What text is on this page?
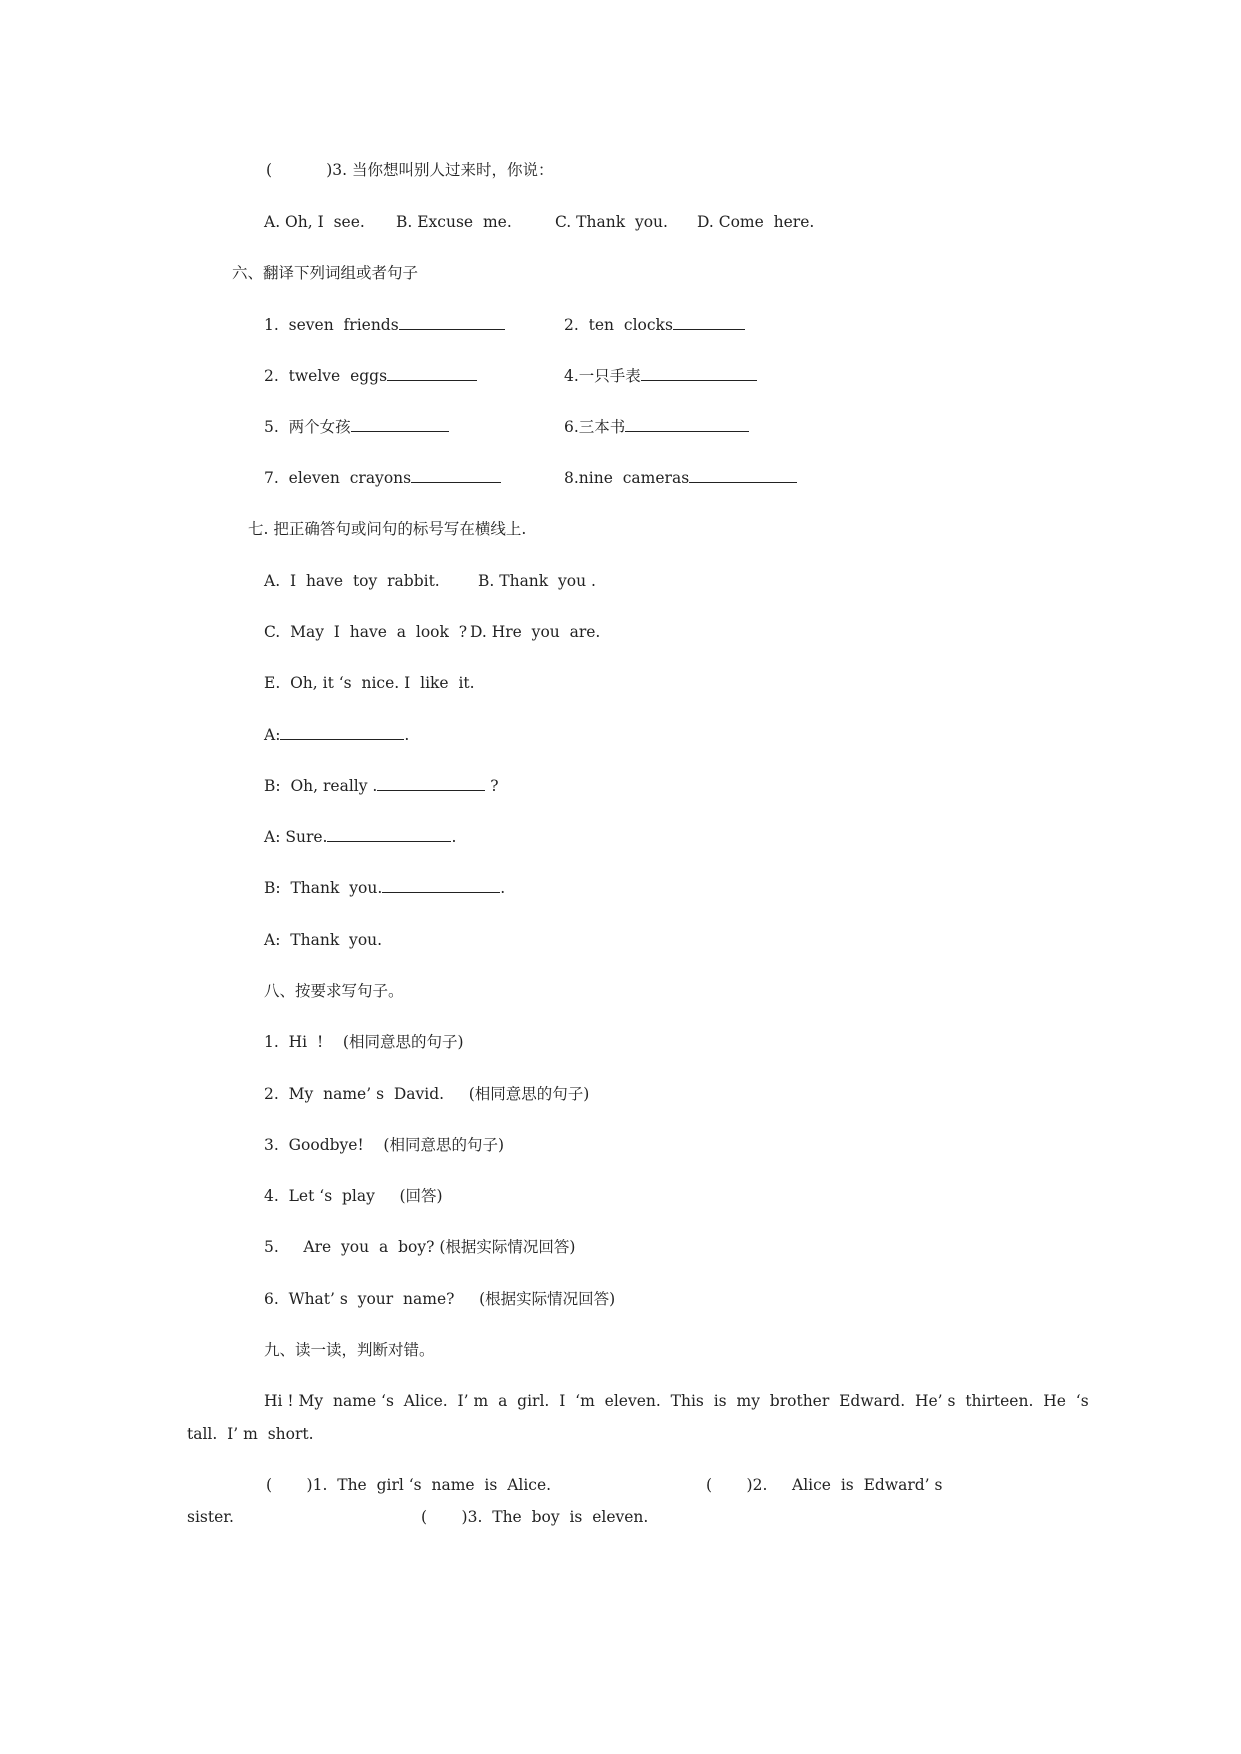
(           )3. 当你想叫别人过来时，你说：
A. Oh, I  see. B. Excuse  me.	C. Thank  you. D. Come  here.
六、翻译下列词组或者句子
1. seven  friends	2. ten  clocks
2. twelve  eggs	4.一只手表
5. 两个女孩	6.三本书
7. eleven  crayons	8.nine  cameras
七. 把正确答句或问句的标号写在横线上.
A.  I  have  toy  rabbit. B. Thank  you .
C.  May  I  have  a  look  ? D. Hre  you  are.
E.  Oh, it ‘s  nice. I  like  it.
A:	.
B:  Oh, really .	?
A: Sure.	.
B:  Thank  you.	.
A:  Thank  you.
八、按要求写句子。
1.  Hi  !    (相同意思的句子)
2.  My  name’ s  David.     (相同意思的句子)
3.  Goodbye!    (相同意思的句子)
4.  Let ‘s  play     (回答)
5.     Are  you  a  boy? (根据实际情况回答)
6.  What’ s  your  name?     (根据实际情况回答)
九、读一读，判断对错。
Hi ! My  name ‘s  Alice.  I’ m  a  girl.  I  ‘m  eleven.  This  is  my  brother  Edward.  He’ s  thirteen.  He  ‘s
tall.  I’ m  short.
(       )1.  The  girl ‘s  name  is  Alice.	(       )2.     Alice  is  Edward’ s
sister.	(       )3.  The  boy  is  eleven.
